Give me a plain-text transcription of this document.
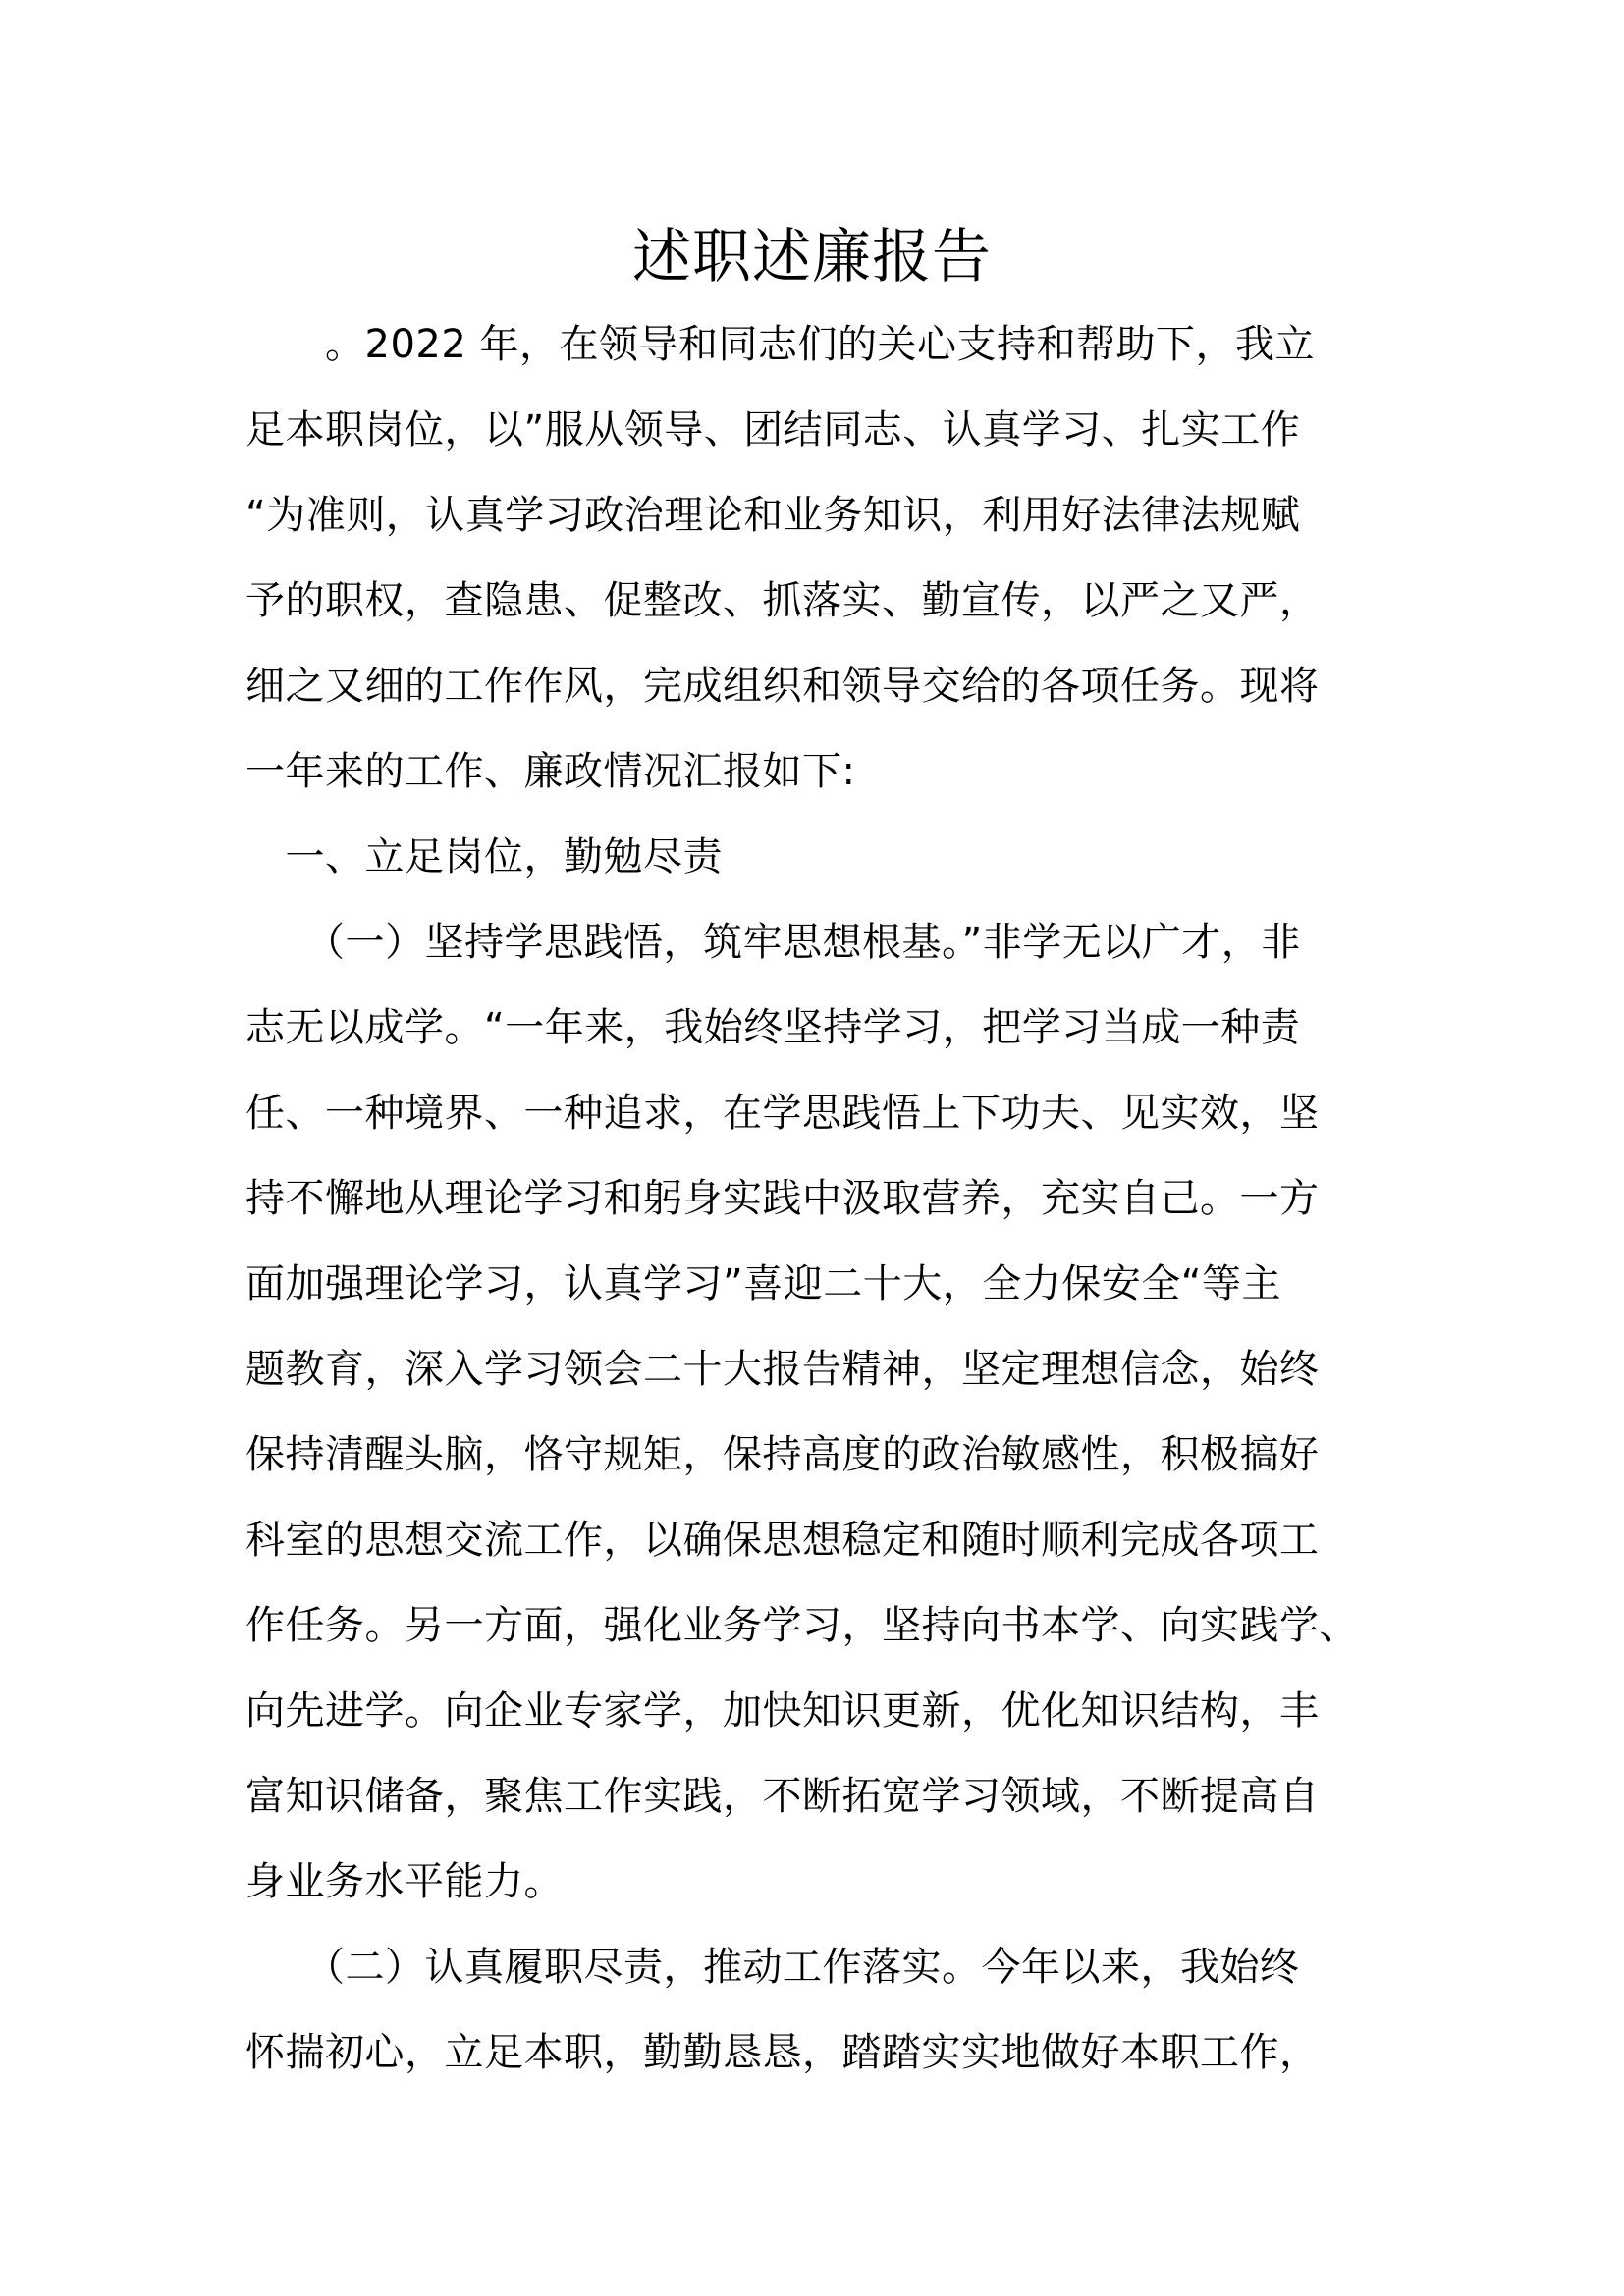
述职述廉报告
　　。2022 年，在领导和同志们的关心支持和帮助下，我立
足本职岗位，以”服从领导、团结同志、认真学习、扎实工作
“为准则，认真学习政治理论和业务知识，利用好法律法规赋
予的职权，查隐患、促整改、抓落实、勤宣传，以严之又严，
细之又细的工作作风，完成组织和领导交给的各项任务。现将
一年来的工作、廉政情况汇报如下:
　一、立足岗位，勤勉尽责
　　（一）坚持学思践悟，筑牢思想根基。”非学无以广才，非
志无以成学。“一年来，我始终坚持学习，把学习当成一种责
任、一种境界、一种追求，在学思践悟上下功夫、见实效，坚
持不懈地从理论学习和躬身实践中汲取营养，充实自己。一方
面加强理论学习，认真学习”喜迎二十大，全力保安全“等主
题教育，深入学习领会二十大报告精神，坚定理想信念，始终
保持清醒头脑，恪守规矩，保持高度的政治敏感性，积极搞好
科室的思想交流工作，以确保思想稳定和随时顺利完成各项工
作任务。另一方面，强化业务学习，坚持向书本学、向实践学、
向先进学。向企业专家学，加快知识更新，优化知识结构，丰
富知识储备，聚焦工作实践，不断拓宽学习领域，不断提高自
身业务水平能力。
　　（二）认真履职尽责，推动工作落实。今年以来，我始终
怀揣初心，立足本职，勤勤恳恳，踏踏实实地做好本职工作，
